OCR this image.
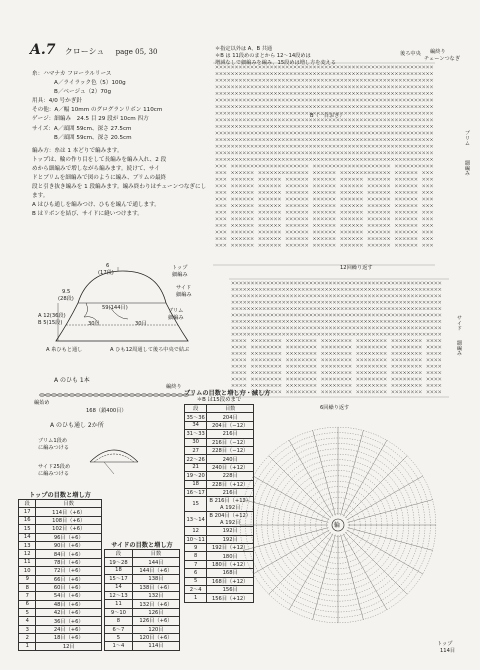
A.7 クローシュ page 05, 30

糸：ハマナカ フローラルリース

A／ライラック色（5）100g

B／ベージュ（2）70g

用具：4/0 号かぎ針

その他：A／幅 10mm のグログランリボン 110cm

ゲージ：細編み　24.5 目 29 段が 10cm 四方

サイズ：A／頭囲 59cm、深さ 27.5cm

B／頭囲 59cm、深さ 20.5cm

編み方：糸は 1 本どりで編みます。

トップは、輪の作り目をして長編みを編み入れ、2 段

めから細編みで増しながら編みます。続けて、サイ

ドとブリムを細編みで図のように編み、ブリムの最終

段と引き抜き編みを 1 段編みます。編み終わりはチェーンつなぎにし

ます。

A はひも通しを編みつけ、ひもを編んで通します。

B はリボンを結び、サイドに縫いつけます。

6
(17段)
9.5
(28段)
59(144目)
A 12(36段)
B 5(15段)	30目	30目
トップ
細編み
サイド
細編み
ブリム
細編み
A 糸ひもと通し	A ひも12周通して後ろ中央で結ぶ
A のひも 1本
編終り
編始め
168（鎖400目）
A のひも通し 2か所
ブリム1段め
に編みつける
サイド25段め
に編みつける
トップの目数と増し方
段	目数
17	114目（+6）
16	108目（+6）
15	102目（+6）
14	96目（+6）
13	90目（+6）
12	84目（+6）
11	78目（+6）
10	72目（+6）
9	66目（+6）
8	60目（+6）
7	54目（+6）
6	48目（+6）
5	42目（+6）
4	36目（+6）
3	24目（+6）
2	18目（+6）
1	12目
サイドの目数と増し方
段	目数
19〜28	144目
18	144目（+6）
15〜17	138目
14	138目（+6）
12〜13	132目
11	132目（+6）
9〜10	126目
8	126目（+6）
6〜7	120目
5	120目（+6）
1〜4	114目
ブリムの目数と増し方・減し方
＊B は15段めまで
段	目数
35〜36	204目
34	204目（−12）
31〜33	216目
30	216目（−12）
27	228目（−12）
22〜26	240目
21	240目（+12）
19〜20	228目
18	228目（+12）
16〜17	216目
15	B 216目（+12）
A 192目
13〜14	B 204目（+12）
A 192目
12	192目
10〜11	192目
9	192目（+12）
8	180目
7	180目（+12）
6	168目
5	168目（+12）
2〜4	156目
1	156目（+12）

＊指定以外は A、B 共通

＊B は 11段めのまとから 12〜14段めは

増減なしで細編みを編み、15段めは増し方を変える

後ろ中央 編終り
チェーンつなぎ
B（一目おき）
ブリム
細編み
サイド
細編み
12回繰り返す
6回繰り返す
トップ
114目
輪
